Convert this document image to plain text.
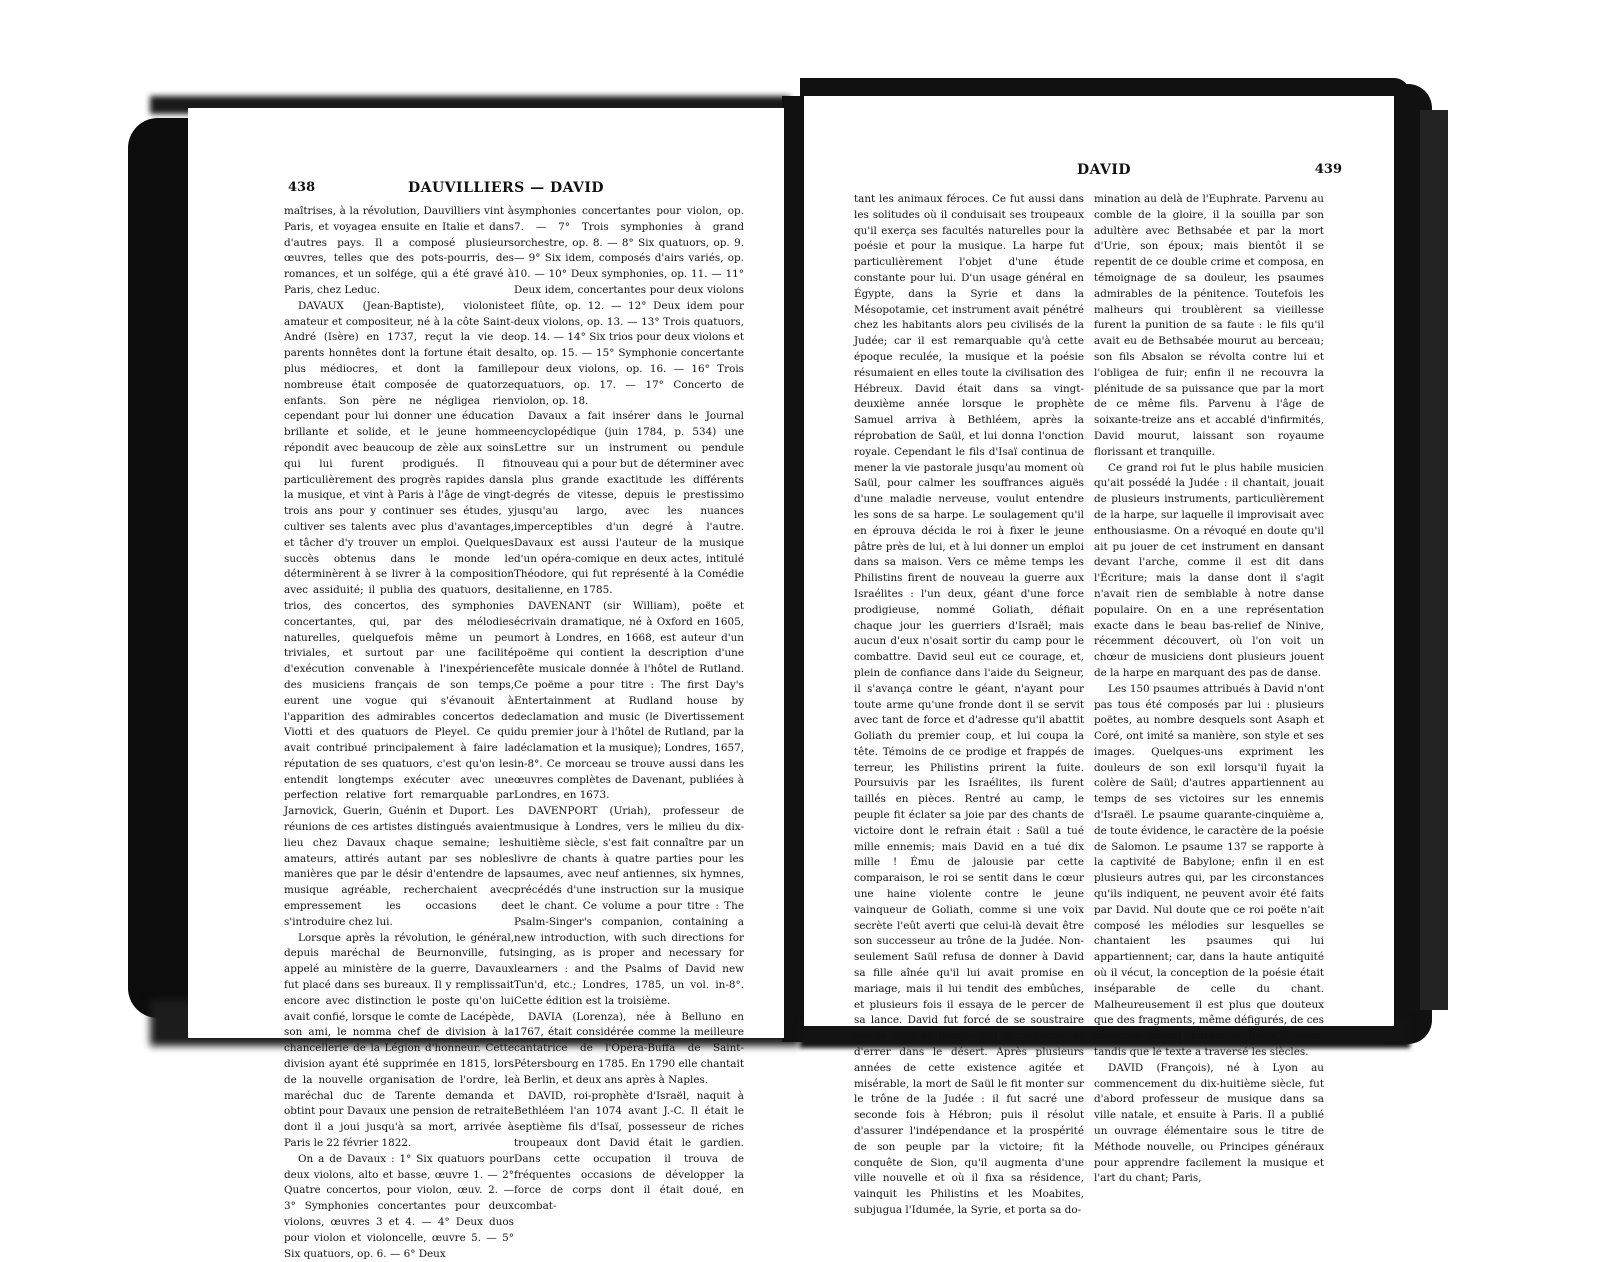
438	DAUVILLIERS — DAVID

maîtrises, à la révolution, Dauvilliers vint à Paris, et voyagea ensuite en Italie et dans d'autres pays. Il a composé plusieurs œuvres, telles que des pots-pourris, des romances, et un solfége, qui a été gravé à Paris, chez Leduc.

DAVAUX (Jean-Baptiste), violoniste amateur et compositeur, né à la côte Saint-André (Isère) en 1737, reçut la vie de parents honnêtes dont la fortune était des plus médiocres, et dont la famille nombreuse était composée de quatorze enfants. Son père ne négligea rien cependant pour lui donner une éducation brillante et solide, et le jeune homme répondit avec beaucoup de zèle aux soins qui lui furent prodigués. Il fit particulièrement des progrès rapides dans la musique, et vint à Paris à l'âge de vingt-trois ans pour y continuer ses études, y cultiver ses talents avec plus d'avantages, et tâcher d'y trouver un emploi. Quelques succès obtenus dans le monde le déterminèrent à se livrer à la composition avec assiduité; il publia des quatuors, des trios, des concertos, des symphonies concertantes, qui, par des mélodies naturelles, quelquefois même un peu triviales, et surtout par une facilité d'exécution convenable à l'inexpérience des musiciens français de son temps, eurent une vogue qui s'évanouit à l'apparition des admirables concertos de Viotti et des quatuors de Pleyel. Ce qui avait contribué principalement à faire la réputation de ses quatuors, c'est qu'on les entendit longtemps exécuter avec une perfection relative fort remarquable par Jarnovick, Guerin, Guénin et Duport. Les réunions de ces artistes distingués avaient lieu chez Davaux chaque semaine; les amateurs, attirés autant par ses nobles manières que par le désir d'entendre de la musique agréable, recherchaient avec empressement les occasions de s'introduire chez lui.

Lorsque après la révolution, le général, depuis maréchal de Beurnonville, fut appelé au ministère de la guerre, Davaux fut placé dans ses bureaux. Il y remplissait encore avec distinction le poste qu'on lui avait confié, lorsque le comte de Lacépède, son ami, le nomma chef de division à la chancellerie de la Légion d'honneur. Cette division ayant été supprimée en 1815, lors de la nouvelle organisation de l'ordre, le maréchal duc de Tarente demanda et obtint pour Davaux une pension de retraite dont il a joui jusqu'à sa mort, arrivée à Paris le 22 février 1822.

On a de Davaux : 1° Six quatuors pour deux violons, alto et basse, œuvre 1. — 2° Quatre concertos, pour violon, œuv. 2. — 3° Symphonies concertantes pour deux violons, œuvres 3 et 4. — 4° Deux duos pour violon et violoncelle, œuvre 5. — 5° Six quatuors, op. 6. — 6° Deux

symphonies concertantes pour violon, op. 7. — 7° Trois symphonies à grand orchestre, op. 8. — 8° Six quatuors, op. 9. — 9° Six idem, composés d'airs variés, op. 10. — 10° Deux symphonies, op. 11. — 11° Deux idem, concertantes pour deux violons et flûte, op. 12. — 12° Deux idem pour deux violons, op. 13. — 13° Trois quatuors, op. 14. — 14° Six trios pour deux violons et alto, op. 15. — 15° Symphonie concertante pour deux violons, op. 16. — 16° Trois quatuors, op. 17. — 17° Concerto de violon, op. 18.

Davaux a fait insérer dans le Journal encyclopédique (juin 1784, p. 534) une Lettre sur un instrument ou pendule nouveau qui a pour but de déterminer avec la plus grande exactitude les différents degrés de vitesse, depuis le prestissimo jusqu'au largo, avec les nuances imperceptibles d'un degré à l'autre. Davaux est aussi l'auteur de la musique d'un opéra-comique en deux actes, intitulé Théodore, qui fut représenté à la Comédie italienne, en 1785.

DAVENANT (sir William), poëte et écrivain dramatique, né à Oxford en 1605, mort à Londres, en 1668, est auteur d'un poëme qui contient la description d'une fête musicale donnée à l'hôtel de Rutland. Ce poëme a pour titre : The first Day's Entertainment at Rudland house by declamation and music (le Divertissement du premier jour à l'hôtel de Rutland, par la déclamation et la musique); Londres, 1657, in-8°. Ce morceau se trouve aussi dans les œuvres complètes de Davenant, publiées à Londres, en 1673.

DAVENPORT (Uriah), professeur de musique à Londres, vers le milieu du dix-huitième siècle, s'est fait connaître par un livre de chants à quatre parties pour les psaumes, avec neuf antiennes, six hymnes, précédés d'une instruction sur la musique et le chant. Ce volume a pour titre : The Psalm-Singer's companion, containing a new introduction, with such directions for singing, as is proper and necessary for learners : and the Psalms of David new Tun'd, etc.; Londres, 1785, un vol. in-8°. Cette édition est la troisième.

DAVIA (Lorenza), née à Belluno en 1767, était considérée comme la meilleure cantatrice de l'Opéra-Buffa de Saint-Pétersbourg en 1785. En 1790 elle chantait à Berlin, et deux ans après à Naples.

DAVID, roi-prophète d'Israël, naquit à Bethléem l'an 1074 avant J.-C. Il était le septième fils d'Isaï, possesseur de riches troupeaux dont David était le gardien. Dans cette occupation il trouva de fréquentes occasions de développer la force de corps dont il était doué, en combat-

DAVID	439

tant les animaux féroces. Ce fut aussi dans les solitudes où il conduisait ses troupeaux qu'il exerça ses facultés naturelles pour la poésie et pour la musique. La harpe fut particulièrement l'objet d'une étude constante pour lui. D'un usage général en Égypte, dans la Syrie et dans la Mésopotamie, cet instrument avait pénétré chez les habitants alors peu civilisés de la Judée; car il est remarquable qu'à cette époque reculée, la musique et la poésie résumaient en elles toute la civilisation des Hébreux. David était dans sa vingt-deuxième année lorsque le prophète Samuel arriva à Bethléem, après la réprobation de Saül, et lui donna l'onction royale. Cependant le fils d'Isaï continua de mener la vie pastorale jusqu'au moment où Saül, pour calmer les souffrances aiguës d'une maladie nerveuse, voulut entendre les sons de sa harpe. Le soulagement qu'il en éprouva décida le roi à fixer le jeune pâtre près de lui, et à lui donner un emploi dans sa maison. Vers ce même temps les Philistins firent de nouveau la guerre aux Israélites : l'un deux, géant d'une force prodigieuse, nommé Goliath, défiait chaque jour les guerriers d'Israël; mais aucun d'eux n'osait sortir du camp pour le combattre. David seul eut ce courage, et, plein de confiance dans l'aide du Seigneur, il s'avança contre le géant, n'ayant pour toute arme qu'une fronde dont il se servit avec tant de force et d'adresse qu'il abattit Goliath du premier coup, et lui coupa la tête. Témoins de ce prodige et frappés de terreur, les Philistins prirent la fuite. Poursuivis par les Israélites, ils furent taillés en pièces. Rentré au camp, le peuple fit éclater sa joie par des chants de victoire dont le refrain était : Saül a tué mille ennemis; mais David en a tué dix mille ! Ému de jalousie par cette comparaison, le roi se sentit dans le cœur une haine violente contre le jeune vainqueur de Goliath, comme si une voix secrète l'eût averti que celui-là devait être son successeur au trône de la Judée. Non-seulement Saül refusa de donner à David sa fille aînée qu'il lui avait promise en mariage, mais il lui tendit des embûches, et plusieurs fois il essaya de le percer de sa lance. David fut forcé de se soustraire par la fuite au danger qui le menaçait, et d'errer dans le désert. Après plusieurs années de cette existence agitée et misérable, la mort de Saül le fit monter sur le trône de la Judée : il fut sacré une seconde fois à Hébron; puis il résolut d'assurer l'indépendance et la prospérité de son peuple par la victoire; fit la conquête de Sion, qu'il augmenta d'une ville nouvelle et où il fixa sa résidence, vainquit les Philistins et les Moabites, subjugua l'Idumée, la Syrie, et porta sa do-

mination au delà de l'Euphrate. Parvenu au comble de la gloire, il la souilla par son adultère avec Bethsabée et par la mort d'Urie, son époux; mais bientôt il se repentit de ce double crime et composa, en témoignage de sa douleur, les psaumes admirables de la pénitence. Toutefois les malheurs qui troublèrent sa vieillesse furent la punition de sa faute : le fils qu'il avait eu de Bethsabée mourut au berceau; son fils Absalon se révolta contre lui et l'obligea de fuir; enfin il ne recouvra la plénitude de sa puissance que par la mort de ce même fils. Parvenu à l'âge de soixante-treize ans et accablé d'infirmités, David mourut, laissant son royaume florissant et tranquille.

Ce grand roi fut le plus habile musicien qu'ait possédé la Judée : il chantait, jouait de plusieurs instruments, particulièrement de la harpe, sur laquelle il improvisait avec enthousiasme. On a révoqué en doute qu'il ait pu jouer de cet instrument en dansant devant l'arche, comme il est dit dans l'Écriture; mais la danse dont il s'agit n'avait rien de semblable à notre danse populaire. On en a une représentation exacte dans le beau bas-relief de Ninive, récemment découvert, où l'on voit un chœur de musiciens dont plusieurs jouent de la harpe en marquant des pas de danse.

Les 150 psaumes attribués à David n'ont pas tous été composés par lui : plusieurs poëtes, au nombre desquels sont Asaph et Coré, ont imité sa manière, son style et ses images. Quelques-uns expriment les douleurs de son exil lorsqu'il fuyait la colère de Saül; d'autres appartiennent au temps de ses victoires sur les ennemis d'Israël. Le psaume quarante-cinquième a, de toute évidence, le caractère de la poésie de Salomon. Le psaume 137 se rapporte à la captivité de Babylone; enfin il en est plusieurs autres qui, par les circonstances qu'ils indiquent, ne peuvent avoir été faits par David. Nul doute que ce roi poëte n'ait composé les mélodies sur lesquelles se chantaient les psaumes qui lui appartiennent; car, dans la haute antiquité où il vécut, la conception de la poésie était inséparable de celle du chant. Malheureusement il est plus que douteux que des fragments, même défigurés, de ces mélodies soient parvenus jusqu'à nous, tandis que le texte a traversé les siècles.

DAVID (François), né à Lyon au commencement du dix-huitième siècle, fut d'abord professeur de musique dans sa ville natale, et ensuite à Paris. Il a publié un ouvrage élémentaire sous le titre de Méthode nouvelle, ou Principes généraux pour apprendre facilement la musique et l'art du chant; Paris,
